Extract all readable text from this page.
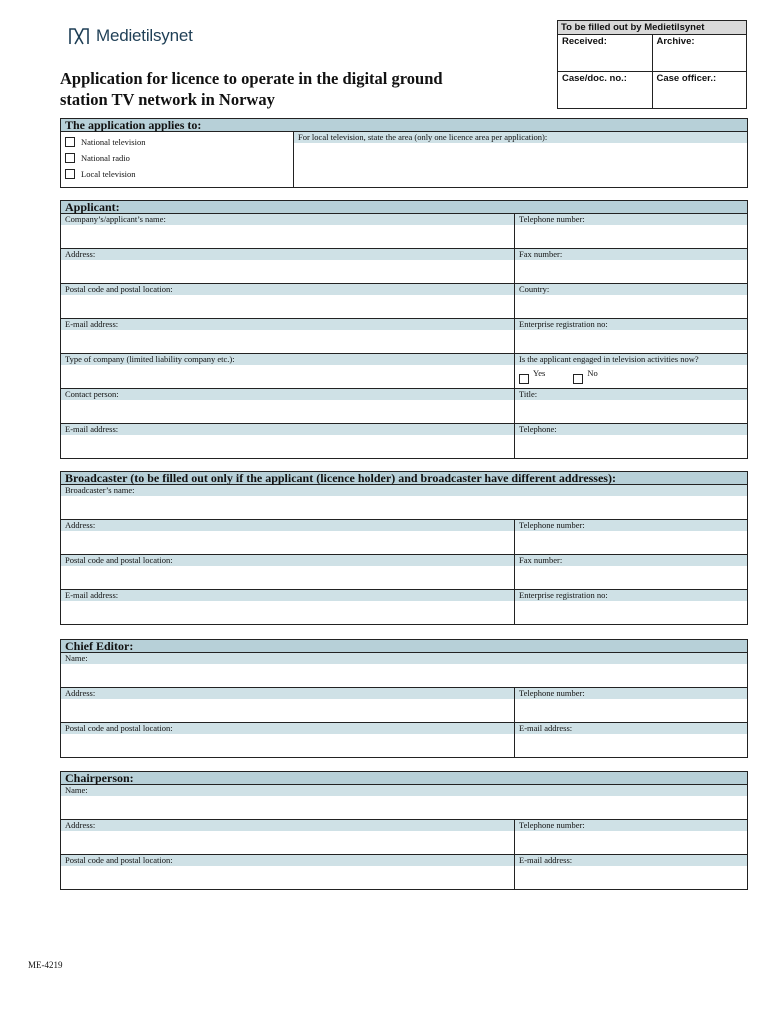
Medietilsynet
Application for licence to operate in the digital ground station TV network in Norway
To be filled out by Medietilsynet
Received:	Archive:
Case/doc. no.:	Case officer.:
The application applies to:
National television
National radio
Local television
For local television, state the area (only one licence area per application):
Applicant:
Company’s/applicant’s name:	Telephone number:
Address:	Fax number:
Postal code and postal location:	Country:
E-mail address:	Enterprise registration no:
Type of company (limited liability company etc.):	Is the applicant engaged in television activities now?
Yes	No
Contact person:	Title:
E-mail address:	Telephone:
Broadcaster (to be filled out only if the applicant (licence holder) and broadcaster have different addresses):
Broadcaster’s name:
Address:	Telephone number:
Postal code and postal location:	Fax number:
E-mail address:	Enterprise registration no:
Chief Editor:
Name:
Address:	Telephone number:
Postal code and postal location:	E-mail address:
Chairperson:
Name:
Address:	Telephone number:
Postal code and postal location:	E-mail address:
ME-4219
